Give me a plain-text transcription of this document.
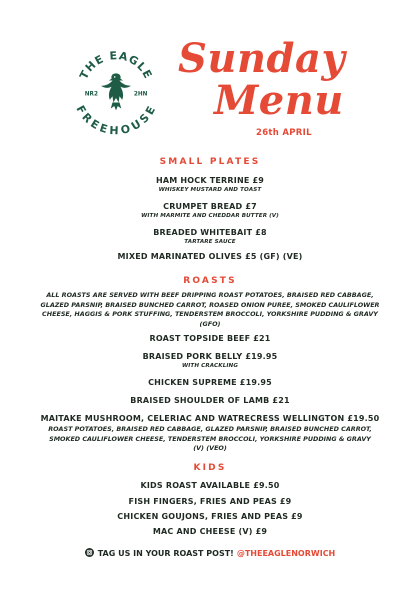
THE EAGLE
FREEHOUSE
NR2	2HN
Sunday
Menu
26th APRIL
SMALL PLATES
HAM HOCK TERRINE £9
WHISKEY MUSTARD AND TOAST
CRUMPET BREAD £7
WITH MARMITE AND CHEDDAR BUTTER (V)
BREADED WHITEBAIT £8
TARTARE SAUCE
MIXED MARINATED OLIVES £5 (GF) (VE)
ROASTS
ALL ROASTS ARE SERVED WITH BEEF DRIPPING ROAST POTATOES, BRAISED RED CABBAGE, GLAZED PARSNIP, BRAISED BUNCHED CARROT, ROASED ONION PUREE, SMOKED CAULIFLOWER CHEESE, HAGGIS & PORK STUFFING, TENDERSTEM BROCCOLI, YORKSHIRE PUDDING & GRAVY (GFO)
ROAST TOPSIDE BEEF £21
BRAISED PORK BELLY £19.95
WITH CRACKLING
CHICKEN SUPREME £19.95
BRAISED SHOULDER OF LAMB £21
MAITAKE MUSHROOM, CELERIAC AND WATRECRESS WELLINGTON £19.50
ROAST POTATOES, BRAISED RED CABBAGE, GLAZED PARSNIP, BRAISED BUNCHED CARROT, SMOKED CAULIFLOWER CHEESE, TENDERSTEM BROCCOLI, YORKSHIRE PUDDING & GRAVY (V) (VEO)
KIDS
KIDS ROAST AVAILABLE £9.50
FISH FINGERS, FRIES AND PEAS £9
CHICKEN GOUJONS, FRIES AND PEAS £9
MAC AND CHEESE (V) £9
TAG US IN YOUR ROAST POST! @THEEAGLENORWICH
